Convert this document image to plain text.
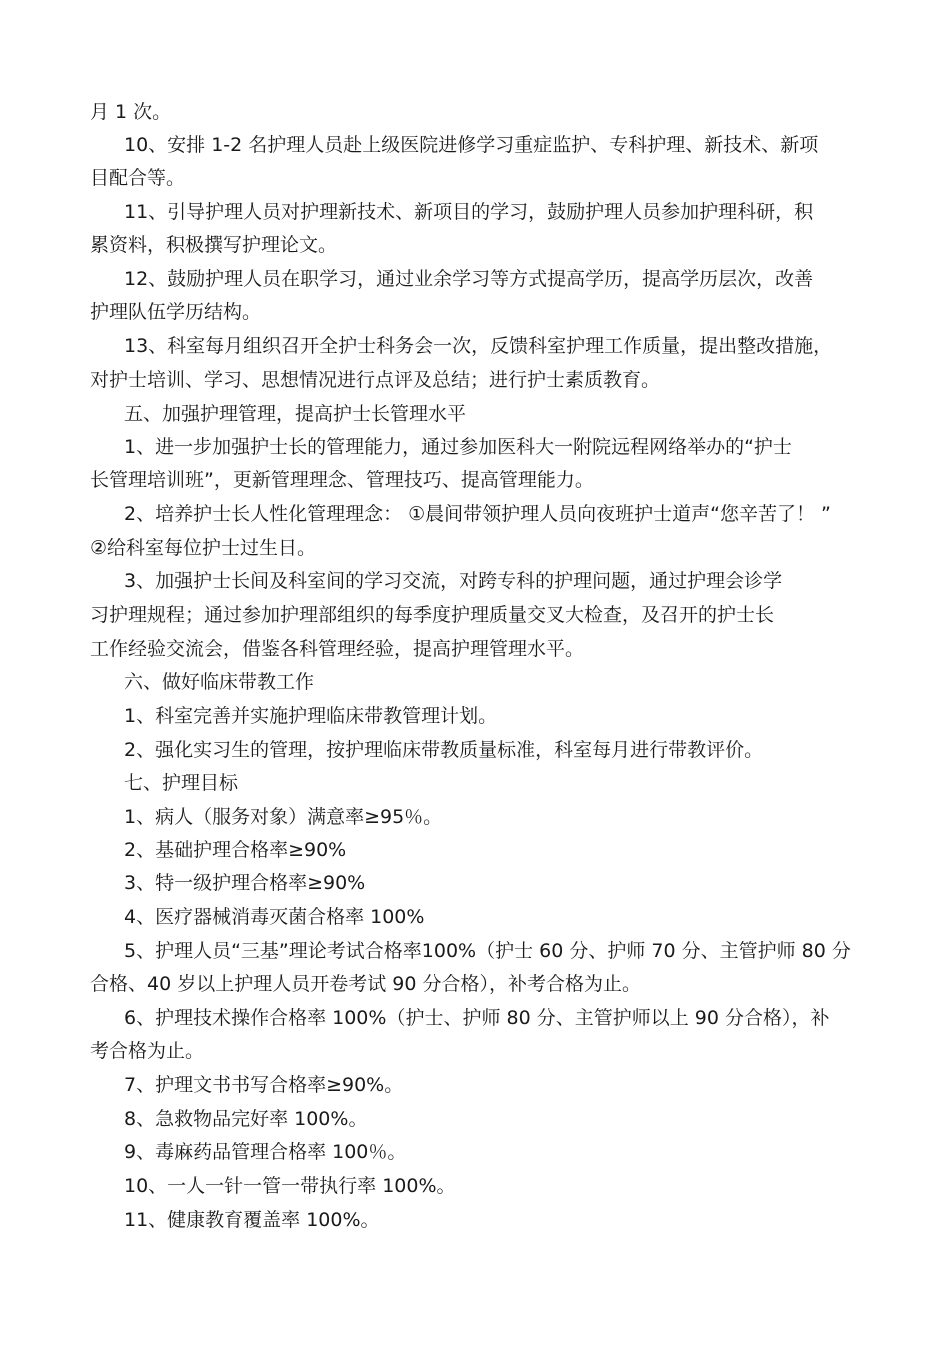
月 1 次。
10、安排 1-2 名护理人员赴上级医院进修学习重症监护、专科护理、新技术、新项
目配合等。
11、引导护理人员对护理新技术、新项目的学习，鼓励护理人员参加护理科研，积
累资料，积极撰写护理论文。
12、鼓励护理人员在职学习，通过业余学习等方式提高学历，提高学历层次，改善
护理队伍学历结构。
13、科室每月组织召开全护士科务会一次，反馈科室护理工作质量，提出整改措施，
对护士培训、学习、思想情况进行点评及总结；进行护士素质教育。
五、加强护理管理，提高护士长管理水平
1、进一步加强护士长的管理能力，通过参加医科大一附院远程网络举办的“护士
长管理培训班”，更新管理理念、管理技巧、提高管理能力。
2、培养护士长人性化管理理念： ①晨间带领护理人员向夜班护士道声“您辛苦了！ ”
②给科室每位护士过生日。
3、加强护士长间及科室间的学习交流，对跨专科的护理问题，通过护理会诊学
习护理规程；通过参加护理部组织的每季度护理质量交叉大检查，及召开的护士长
工作经验交流会，借鉴各科管理经验，提高护理管理水平。
六、做好临床带教工作
1、科室完善并实施护理临床带教管理计划。
2、强化实习生的管理，按护理临床带教质量标准，科室每月进行带教评价。
七、护理目标
1、病人（服务对象）满意率≥95％。
2、基础护理合格率≥90%
3、特一级护理合格率≥90%
4、医疗器械消毒灭菌合格率 100%
5、护理人员“三基”理论考试合格率100%（护士 60 分、护师 70 分、主管护师 80 分
合格、40 岁以上护理人员开卷考试 90 分合格），补考合格为止。
6、护理技术操作合格率 100%（护士、护师 80 分、主管护师以上 90 分合格），补
考合格为止。
7、护理文书书写合格率≥90%。
8、急救物品完好率 100%。
9、毒麻药品管理合格率 100％。
10、一人一针一管一带执行率 100%。
11、健康教育覆盖率 100%。
